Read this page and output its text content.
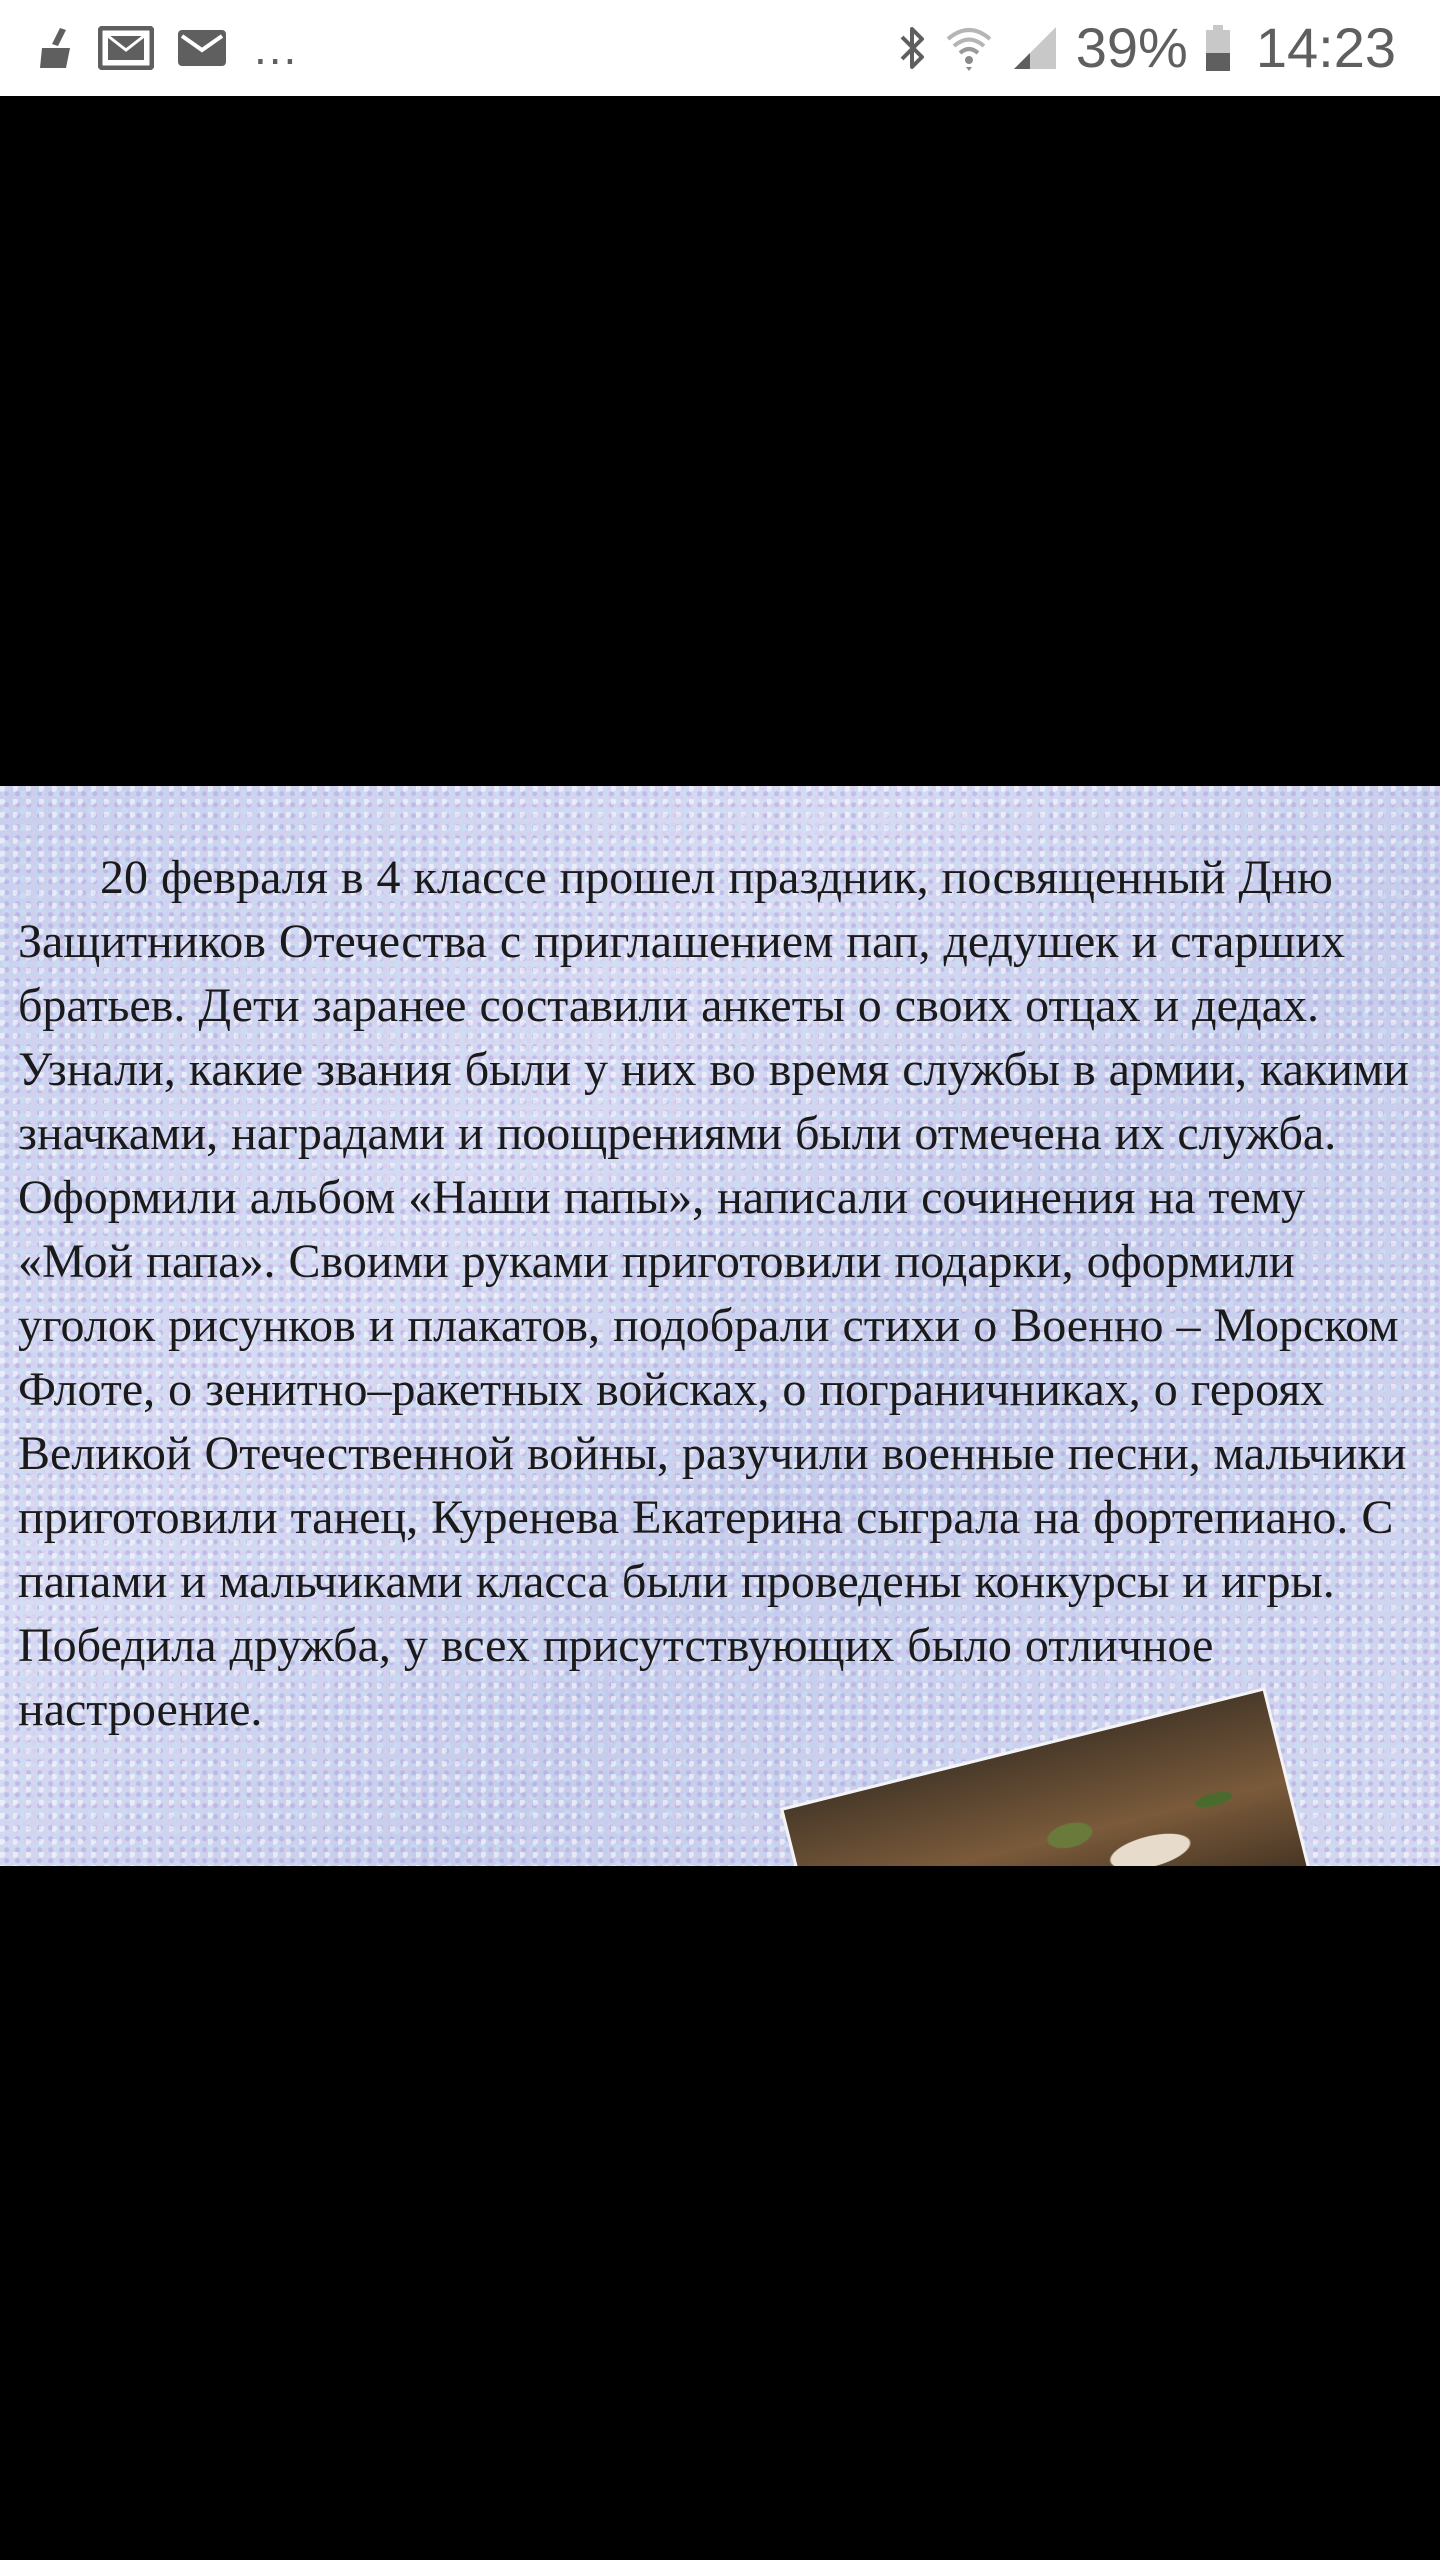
...	39% 14:23

20 февраля в 4 классе прошел праздник, посвященный Дню Защитников Отечества с приглашением пап, дедушек и старших братьев. Дети заранее составили анкеты о своих отцах и дедах. Узнали, какие звания были у них во время службы в армии, какими значками, наградами и поощрениями были отмечена их служба. Оформили альбом «Наши папы», написали сочинения на тему «Мой папа». Своими руками приготовили подарки, оформили уголок рисунков и плакатов, подобрали стихи о Военно – Морском Флоте, о зенитно–ракетных войсках, о пограничниках, о героях Великой Отечественной войны, разучили военные песни, мальчики приготовили танец, Куренева Екатерина сыграла на фортепиано. С папами и мальчиками класса были проведены конкурсы и игры. Победила дружба, у всех присутствующих было отличное настроение.
